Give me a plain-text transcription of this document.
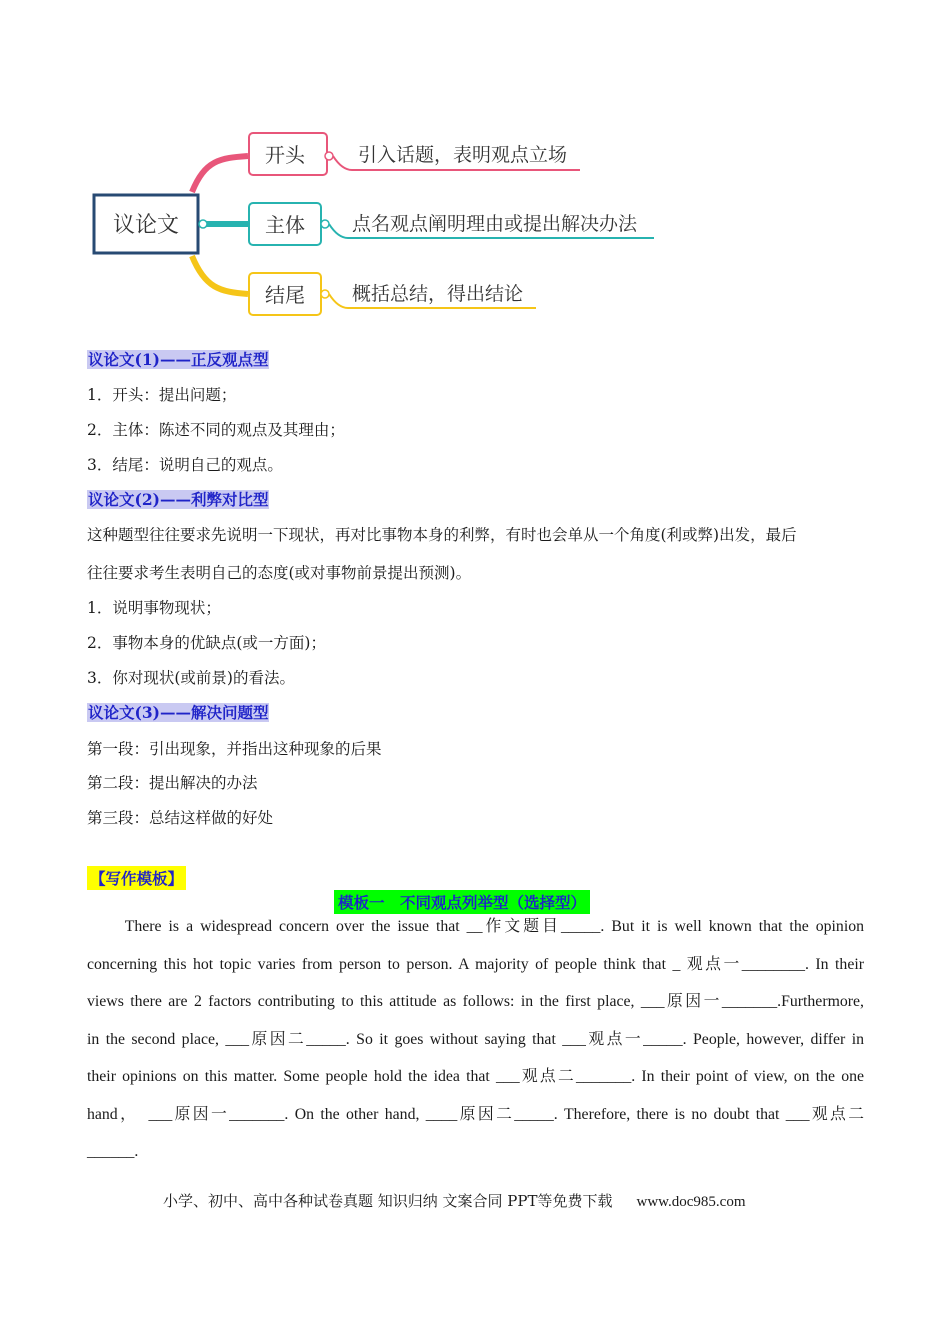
议论文
开头	引入话题，表明观点立场
主体 点名观点阐明理由或提出解决办法
结尾 概括总结，得出结论
议论文(1)——正反观点型
1．开头：提出问题；
2．主体：陈述不同的观点及其理由；
3．结尾：说明自己的观点。
议论文(2)——利弊对比型
这种题型往往要求先说明一下现状，再对比事物本身的利弊，有时也会单从一个角度(利或弊)出发，最后
往往要求考生表明自己的态度(或对事物前景提出预测)。
1．说明事物现状；
2．事物本身的优缺点(或一方面)；
3．你对现状(或前景)的看法。
议论文(3)——解决问题型
第一段：引出现象，并指出这种现象的后果
第二段：提出解决的办法
第三段：总结这样做的好处
【写作模板】
模板一　不同观点列举型（选择型）
　　There is a widespread concern over the issue that __作文题目_____. But it is well known that the opinion
concerning this hot topic varies from person to person. A majority of people think that _ 观点一________. In their
views there are 2 factors contributing to this attitude as follows: in the first place, ___原因一_______.Furthermore,
in the second place, ___原因二_____. So it goes without saying that ___观点一_____. People, however, differ in
their opinions on this matter. Some people hold the idea that ___观点二_______. In their point of view, on the one
hand，　___原因一_______. On the other hand, ____原因二_____. Therefore, there is no doubt that ___观点二
______.
小学、初中、高中各种试卷真题 知识归纳 文案合同 PPT等免费下载 www.doc985.com
